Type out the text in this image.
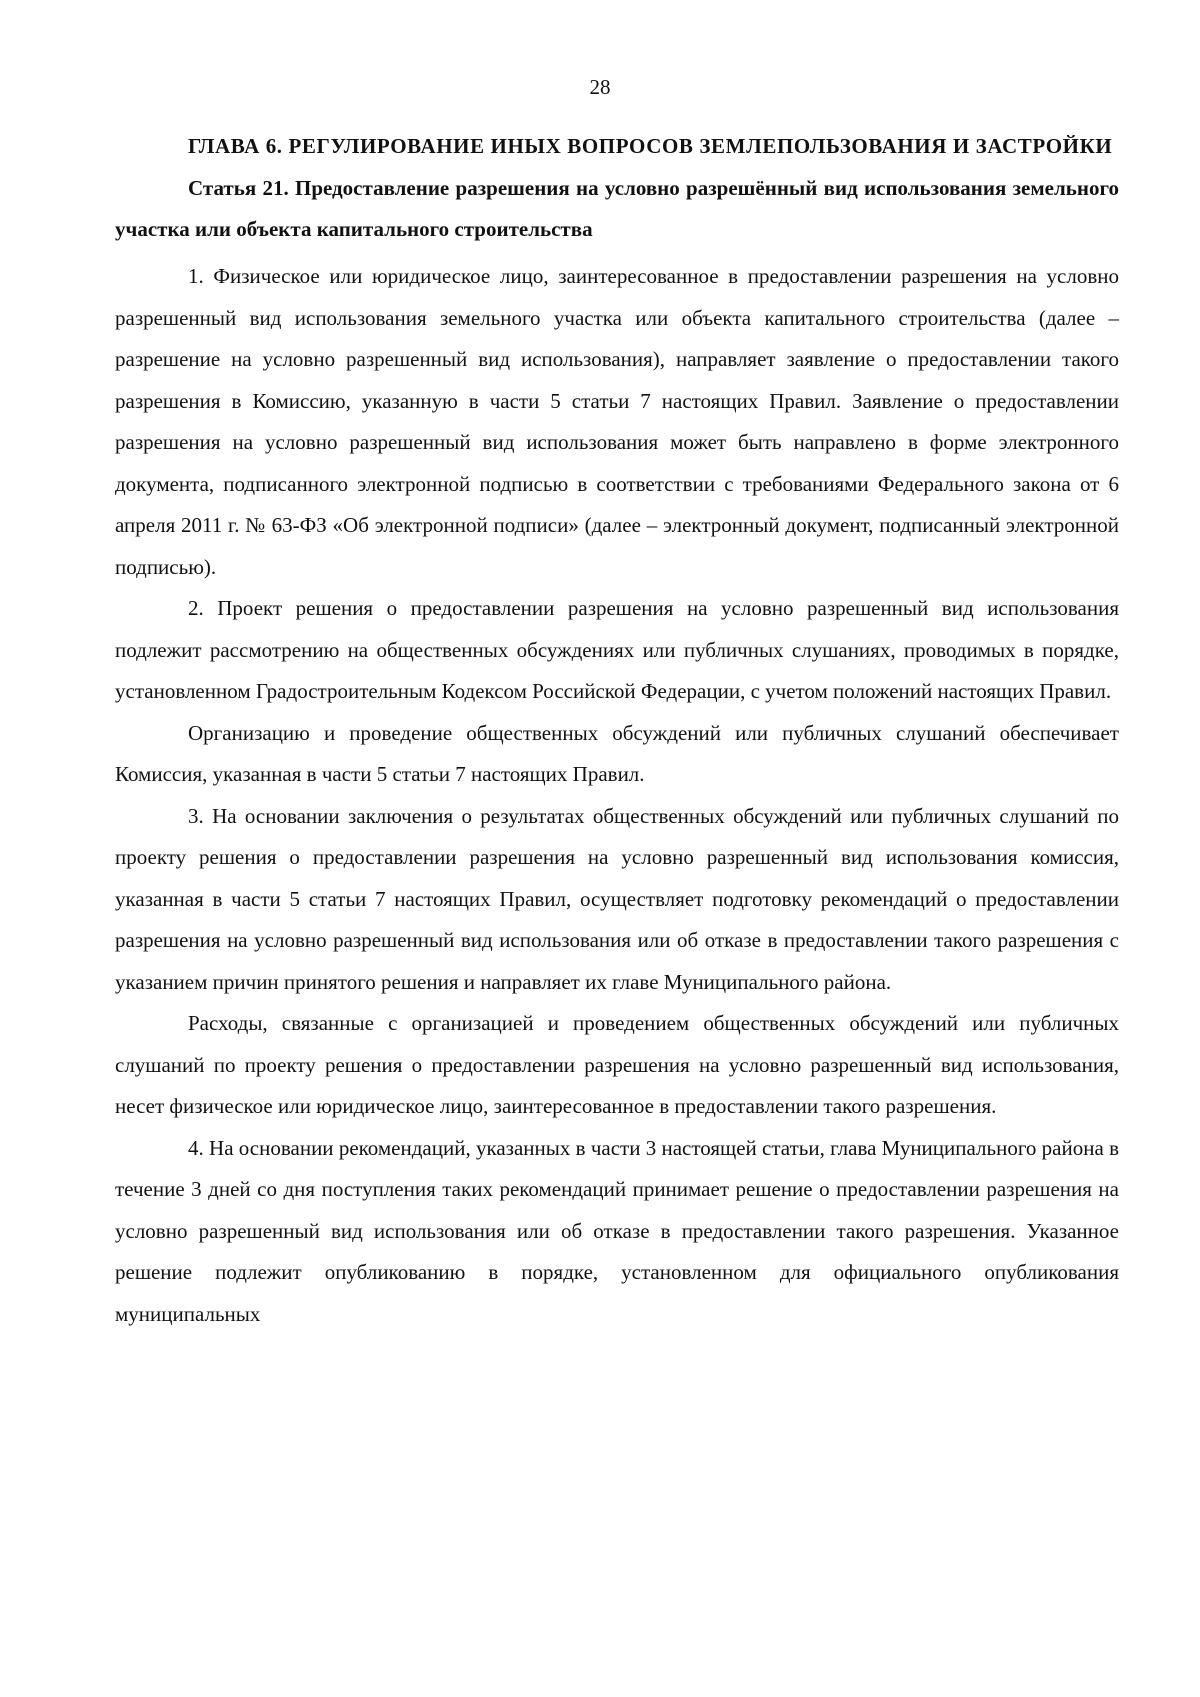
28
ГЛАВА 6. РЕГУЛИРОВАНИЕ ИНЫХ ВОПРОСОВ ЗЕМЛЕПОЛЬЗОВАНИЯ И ЗАСТРОЙКИ
Статья 21. Предоставление разрешения на условно разрешённый вид использования земельного участка или объекта капитального строительства

1. Физическое или юридическое лицо, заинтересованное в предоставлении разрешения на условно разрешенный вид использования земельного участка или объекта капитального строительства (далее – разрешение на условно разрешенный вид использования), направляет заявление о предоставлении такого разрешения в Комиссию, указанную в части 5 статьи 7 настоящих Правил. Заявление о предоставлении разрешения на условно разрешенный вид использования может быть направлено в форме электронного документа, подписанного электронной подписью в соответствии с требованиями Федерального закона от 6 апреля 2011 г. № 63-ФЗ «Об электронной подписи» (далее – электронный документ, подписанный электронной подписью).

2. Проект решения о предоставлении разрешения на условно разрешенный вид использования подлежит рассмотрению на общественных обсуждениях или публичных слушаниях, проводимых в порядке, установленном Градостроительным Кодексом Российской Федерации, с учетом положений настоящих Правил.

Организацию и проведение общественных обсуждений или публичных слушаний обеспечивает Комиссия, указанная в части 5 статьи 7 настоящих Правил.

3. На основании заключения о результатах общественных обсуждений или публичных слушаний по проекту решения о предоставлении разрешения на условно разрешенный вид использования комиссия, указанная в части 5 статьи 7 настоящих Правил, осуществляет подготовку рекомендаций о предоставлении разрешения на условно разрешенный вид использования или об отказе в предоставлении такого разрешения с указанием причин принятого решения и направляет их главе Муниципального района.

Расходы, связанные с организацией и проведением общественных обсуждений или публичных слушаний по проекту решения о предоставлении разрешения на условно разрешенный вид использования, несет физическое или юридическое лицо, заинтересованное в предоставлении такого разрешения.

4. На основании рекомендаций, указанных в части 3 настоящей статьи, глава Муниципального района в течение 3 дней со дня поступления таких рекомендаций принимает решение о предоставлении разрешения на условно разрешенный вид использования или об отказе в предоставлении такого разрешения. Указанное решение подлежит опубликованию в порядке, установленном для официального опубликования муниципальных
